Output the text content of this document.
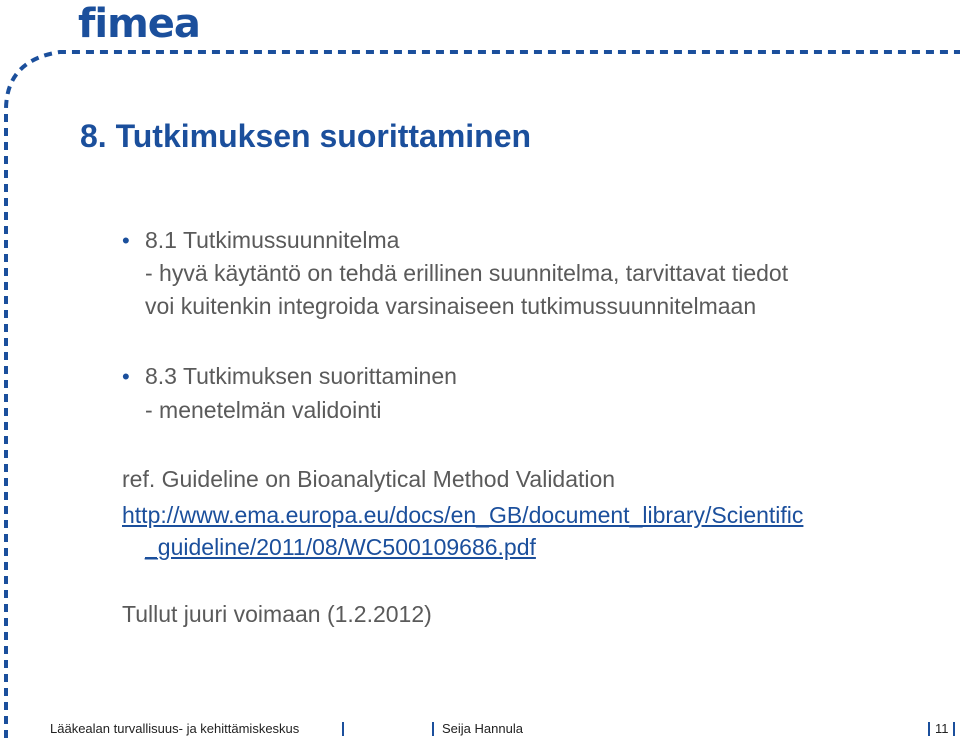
fimea
8. Tutkimuksen suorittaminen
• 8.1 Tutkimussuunnitelma
- hyvä käytäntö on tehdä erillinen suunnitelma, tarvittavat tiedot
voi kuitenkin integroida varsinaiseen tutkimussuunnitelmaan
• 8.3 Tutkimuksen suorittaminen
- menetelmän validointi
ref. Guideline on Bioanalytical Method Validation
http://www.ema.europa.eu/docs/en_GB/document_library/Scientific
_guideline/2011/08/WC500109686.pdf
Tullut juuri voimaan (1.2.2012)
Lääkealan turvallisuus- ja kehittämiskeskus	Seija Hannula	11
